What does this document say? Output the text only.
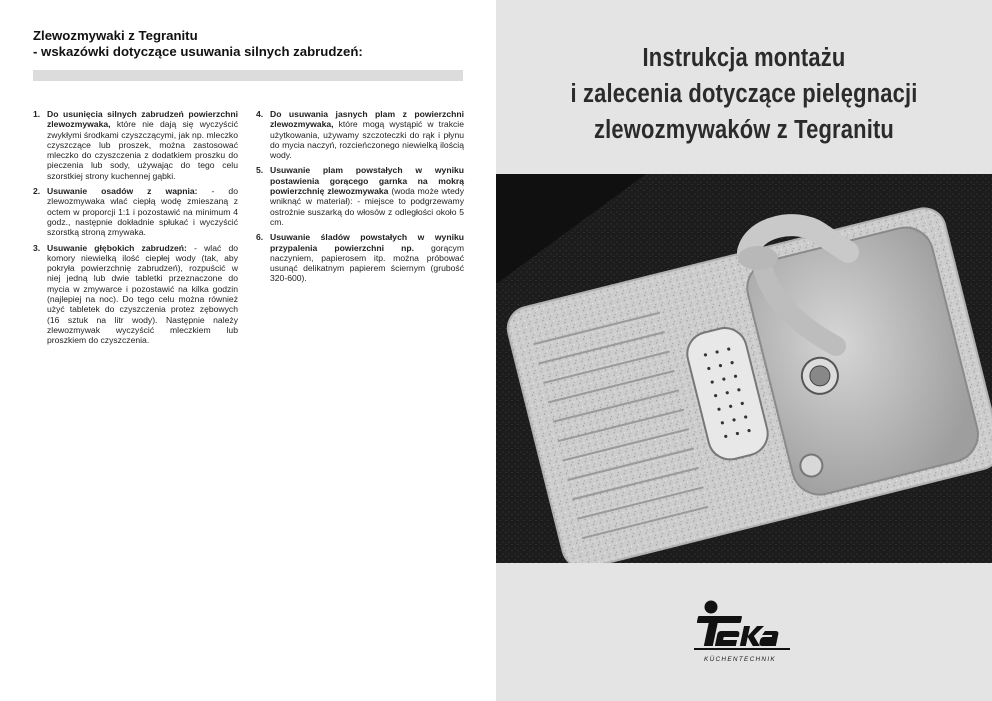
Zlewozmywaki z Tegranitu
- wskazówki dotyczące usuwania silnych zabrudzeń:
1. Do usunięcia silnych zabrudzeń powierzchni zlewozmywaka, które nie dają się wyczyścić zwykłymi środkami czyszczącymi, jak np. mleczko czyszczące lub proszek, można zastosować mleczko do czyszczenia z dodatkiem proszku do pieczenia lub sody, używając do tego celu szorstkiej strony kuchennej gąbki.
2. Usuwanie osadów z wapnia: - do zlewozmywaka wlać ciepłą wodę zmieszaną z octem w proporcji 1:1 i pozostawić na minimum 4 godz., następnie dokładnie spłukać i wyczyścić szorstką stroną zmywaka.
3. Usuwanie głębokich zabrudzeń: - wlać do komory niewielką ilość ciepłej wody (tak, aby pokryła powierzchnię zabrudzeń), rozpuścić w niej jedną lub dwie tabletki przeznaczone do mycia w zmywarce i pozostawić na kilka godzin (najlepiej na noc). Do tego celu można również użyć tabletek do czyszczenia protez zębowych (16 sztuk na litr wody). Następnie należy zlewozmywak wyczyścić mleczkiem lub proszkiem do czyszczenia.
4. Do usuwania jasnych plam z powierzchni zlewozmywaka, które mogą wystąpić w trakcie użytkowania, używamy szczoteczki do rąk i płynu do mycia naczyń, rozcieńczonego niewielką ilością wody.
5. Usuwanie plam powstałych w wyniku postawienia gorącego garnka na mokrą powierzchnię zlewozmywaka (woda może wtedy wniknąć w materiał): - miejsce to podgrzewamy ostrożnie suszarką do włosów z odległości około 5 cm.
6. Usuwanie śladów powstałych w wyniku przypalenia powierzchni np. gorącym naczyniem, papierosem itp. można próbować usunąć delikatnym papierem ściernym (grubość 320-600).
Instrukcja montażu
i zalecenia dotyczące pielęgnacji
zlewozmywaków z Tegranitu
KÜCHENTECHNIK
